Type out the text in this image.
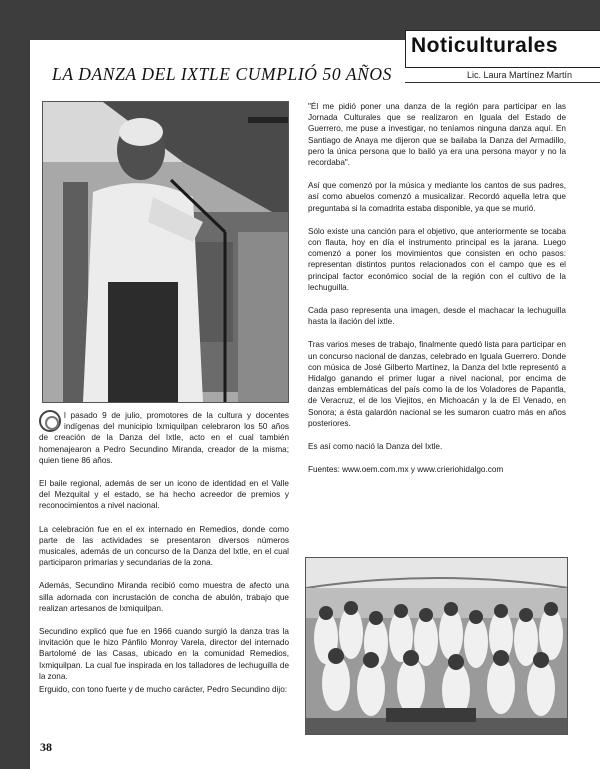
Noticulturales
Lic. Laura Martínez Martín
LA DANZA DEL IXTLE CUMPLIÓ 50 AÑOS

l pasado 9 de julio, promotores de la cultura y docentes indígenas del municipio Ixmiquilpan celebraron los 50 años de creación de la Danza del Ixtle, acto en el cual también homenajearon a Pedro Secundino Miranda, creador de la misma; quien tiene 86 años.

El baile regional, además de ser un icono de identidad en el Valle del Mezquital y el estado, se ha hecho acreedor de premios y reconocimientos a nivel nacional.

La celebración fue en el ex internado en Remedios, donde como parte de las actividades se presentaron diversos números musicales, además de un concurso de la Danza del Ixtle, en el cual participaron primarias y secundarias de la zona.

Además, Secundino Miranda recibió como muestra de afecto una silla adornada con incrustación de concha de abulón, trabajo que realizan artesanos de Ixmiquilpan.

Secundino explicó que fue en 1966 cuando surgió la danza tras la invitación que le hizo Pánfilo Monroy Varela, director del internado Bartolomé de las Casas, ubicado en la comunidad Remedios, Ixmiquilpan. La cual fue inspirada en los talladores de lechuguilla de la zona.

Erguido, con tono fuerte y de mucho carácter, Pedro Secundino dijo:

"Él me pidió poner una danza de la región para participar en las Jornada Culturales que se realizaron en Iguala del Estado de Guerrero, me puse a investigar, no teníamos ninguna danza aquí. En Santiago de Anaya me dijeron que se bailaba la Danza del Armadillo, pero la única persona que lo bailó ya era una persona mayor y no la recordaba".

Así que comenzó por la música y mediante los cantos de sus padres, así como abuelos comenzó a musicalizar. Recordó aquella letra que preguntaba si la comadrita estaba disponible, ya que se murió.

Sólo existe una canción para el objetivo, que anteriormente se tocaba con flauta, hoy en día el instrumento principal es la jarana. Luego comenzó a poner los movimientos que consisten en ocho pasos: representan distintos puntos relacionados con el campo que es el principal factor económico social de la región con el cultivo de la lechuguilla.

Cada paso representa una imagen, desde el machacar la lechuguilla hasta la ilación del ixtle.

Tras varios meses de trabajo, finalmente quedó lista para participar en un concurso nacional de danzas, celebrado en Iguala Guerrero. Donde con música de José Gilberto Martínez, la Danza del Ixtle representó a Hidalgo ganando el primer lugar a nivel nacional, por encima de danzas emblemáticas del país como la de los Voladores de Papantla, de Veracruz, el de los Viejitos, en Michoacán y la de El Venado, en Sonora; a ésta galardón nacional se les sumaron cuatro más en años posteriores.

Es así como nació la Danza del Ixtle.

Fuentes: www.oem.com.mx y www.crieriohidalgo.com

38
